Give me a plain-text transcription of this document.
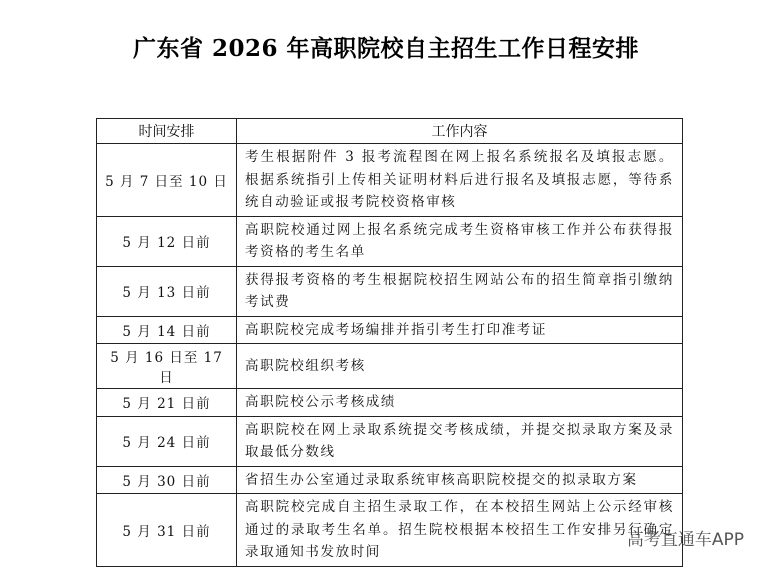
广东省 2026 年高职院校自主招生工作日程安排
时间安排	工作内容
5 月 7 日至 10 日	考生根据附件 3 报考流程图在网上报名系统报名及填报志愿。根据系统指引上传相关证明材料后进行报名及填报志愿，等待系统自动验证或报考院校资格审核
5 月 12 日前	高职院校通过网上报名系统完成考生资格审核工作并公布获得报考资格的考生名单
5 月 13 日前	获得报考资格的考生根据院校招生网站公布的招生简章指引缴纳考试费
5 月 14 日前	高职院校完成考场编排并指引考生打印准考证
5 月 16 日至 17 日	高职院校组织考核
5 月 21 日前	高职院校公示考核成绩
5 月 24 日前	高职院校在网上录取系统提交考核成绩，并提交拟录取方案及录取最低分数线
5 月 30 日前	省招生办公室通过录取系统审核高职院校提交的拟录取方案
5 月 31 日前	高职院校完成自主招生录取工作，在本校招生网站上公示经审核通过的录取考生名单。招生院校根据本校招生工作安排另行确定录取通知书发放时间
高考直通车APP
